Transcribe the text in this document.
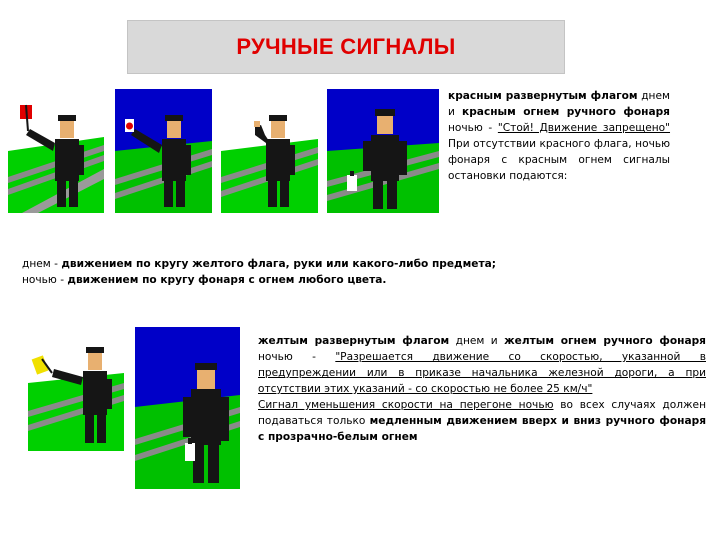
РУЧНЫЕ СИГНАЛЫ

красным развернутым флагом днем

и красным огнем ручного фонаря

ночью - "Стой! Движение запрещено"

При отсутствии красного флага, ночью

фонаря с красным огнем сигналы

остановки подаются:

днем - движением по кругу желтого флага, руки или какого-либо предмета;

ночью - движением по кругу фонаря с огнем любого цвета.

желтым развернутым флагом днем и желтым огнем ручного фонаря

ночью - "Разрешается движение со скоростью, указанной в

предупреждении или в приказе начальника железной дороги, а при

отсутствии этих указаний - со скоростью не более 25 км/ч"

Сигнал уменьшения скорости на перегоне ночью во всех случаях должен

подаваться только медленным движением вверх и вниз ручного фонаря

с прозрачно-белым огнем
